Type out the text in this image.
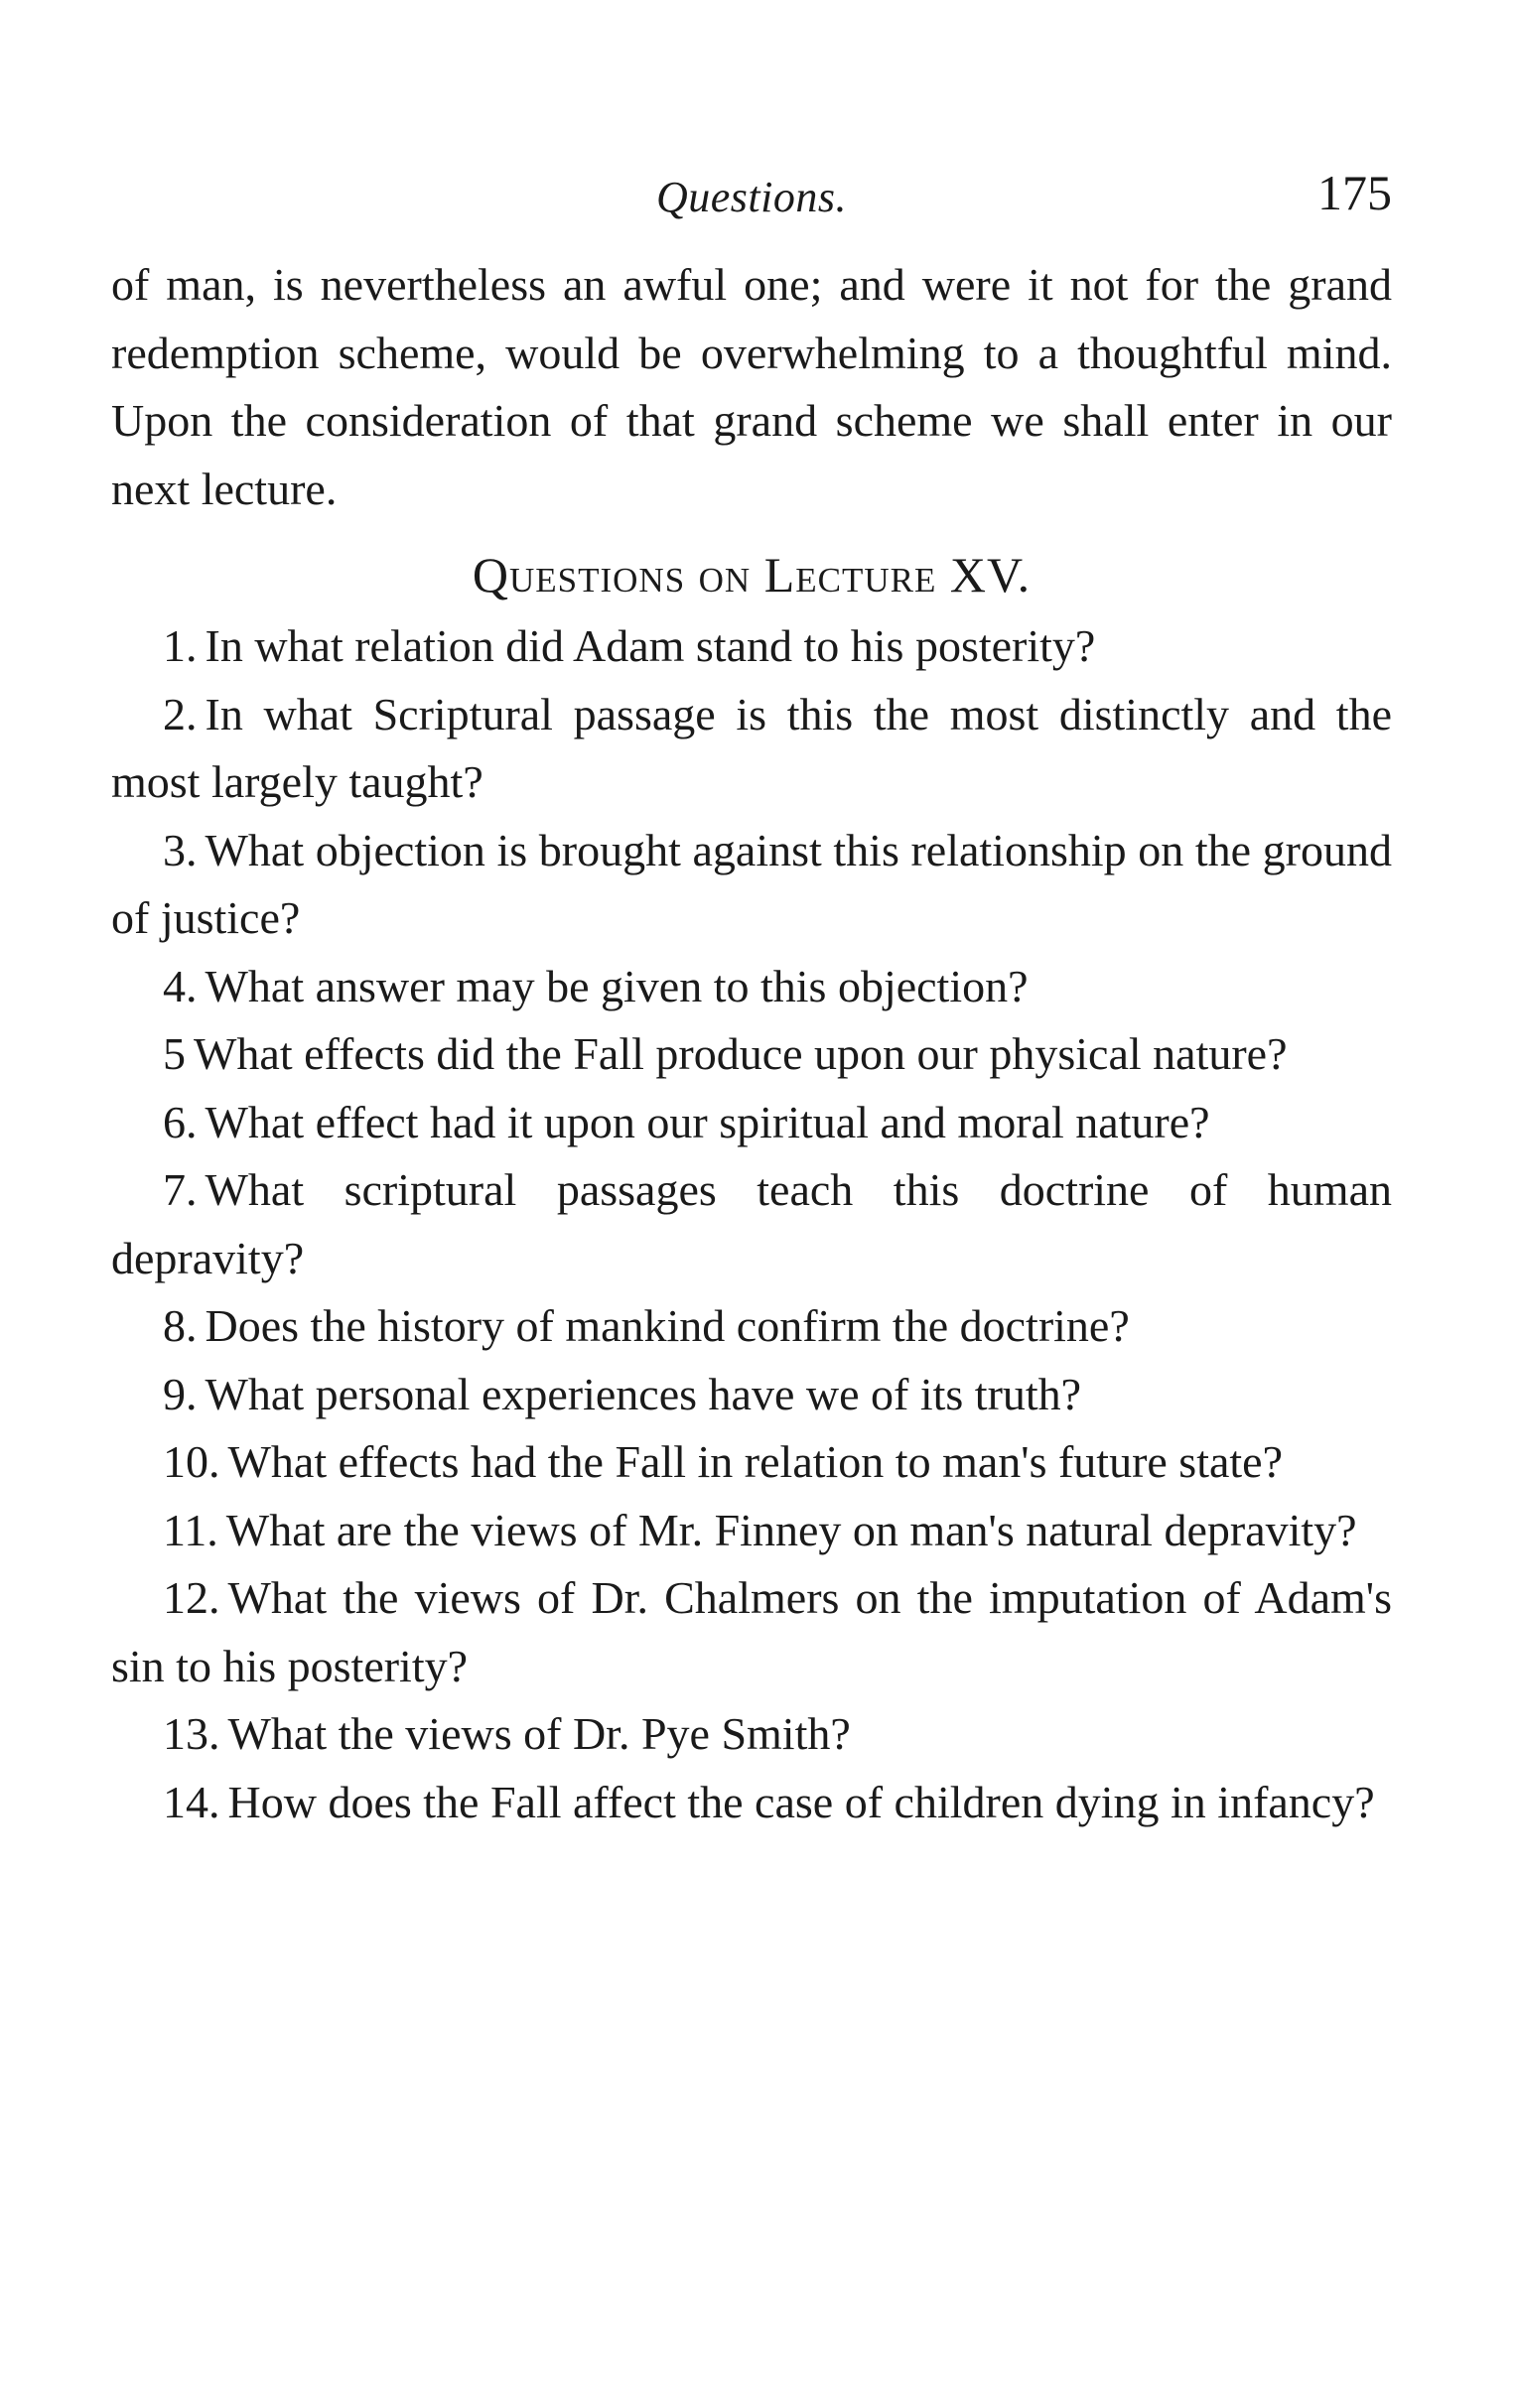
Questions.	175

of man, is nevertheless an awful one; and were it not for the grand redemption scheme, would be overwhelming to a thoughtful mind. Upon the consideration of that grand scheme we shall enter in our next lecture.

Questions on Lecture XV.
1. In what relation did Adam stand to his posterity?
2. In what Scriptural passage is this the most distinctly and the most largely taught?
3. What objection is brought against this relationship on the ground of justice?
4. What answer may be given to this objection?
5 What effects did the Fall produce upon our physical nature?
6. What effect had it upon our spiritual and moral nature?
7. What scriptural passages teach this doctrine of human depravity?
8. Does the history of mankind confirm the doctrine?
9. What personal experiences have we of its truth?
10. What effects had the Fall in relation to man's future state?
11. What are the views of Mr. Finney on man's natural depravity?
12. What the views of Dr. Chalmers on the imputation of Adam's sin to his posterity?
13. What the views of Dr. Pye Smith?
14. How does the Fall affect the case of children dying in infancy?
